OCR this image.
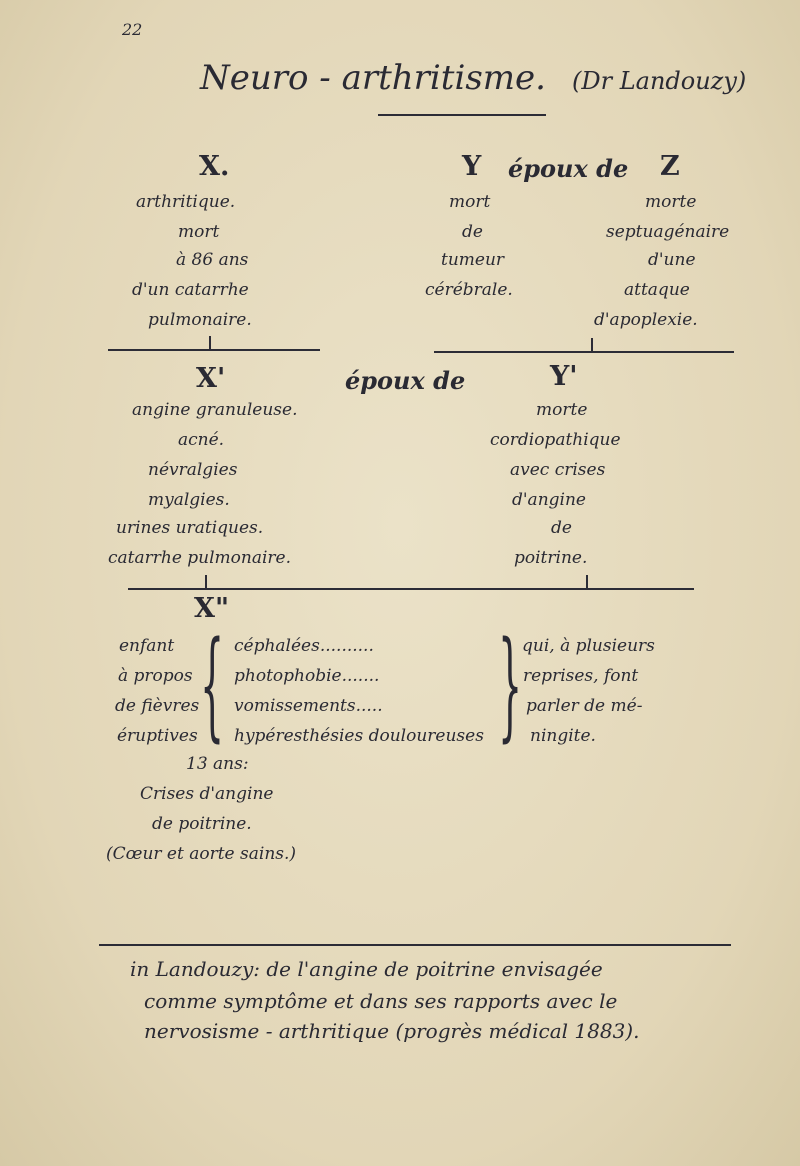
22
Neuro - arthritisme. (Dr Landouzy)
X.	Y époux de Z
arthritique.
mort
à 86 ans
d'un catarrhe
pulmonaire.
mort
de
tumeur
cérébrale.
morte
septuagénaire
d'une
attaque
d'apoplexie.
X'	époux de	Y'
angine granuleuse.
acné.
névralgies
myalgies.
urines uratiques.
catarrhe pulmonaire.
morte
cordiopathique
avec crises
d'angine
de
poitrine.
X"
enfant
à propos
de fièvres
éruptives { céphalées..........
photophobie.......
vomissements.....
hypéresthésies douloureuses } qui, à plusieurs
reprises, font
parler de mé-
ningite.
13 ans:
Crises d'angine
de poitrine.
(Cœur et aorte sains.)
in Landouzy: de l'angine de poitrine envisagée
comme symptôme et dans ses rapports avec le
nervosisme - arthritique (progrès médical 1883).
